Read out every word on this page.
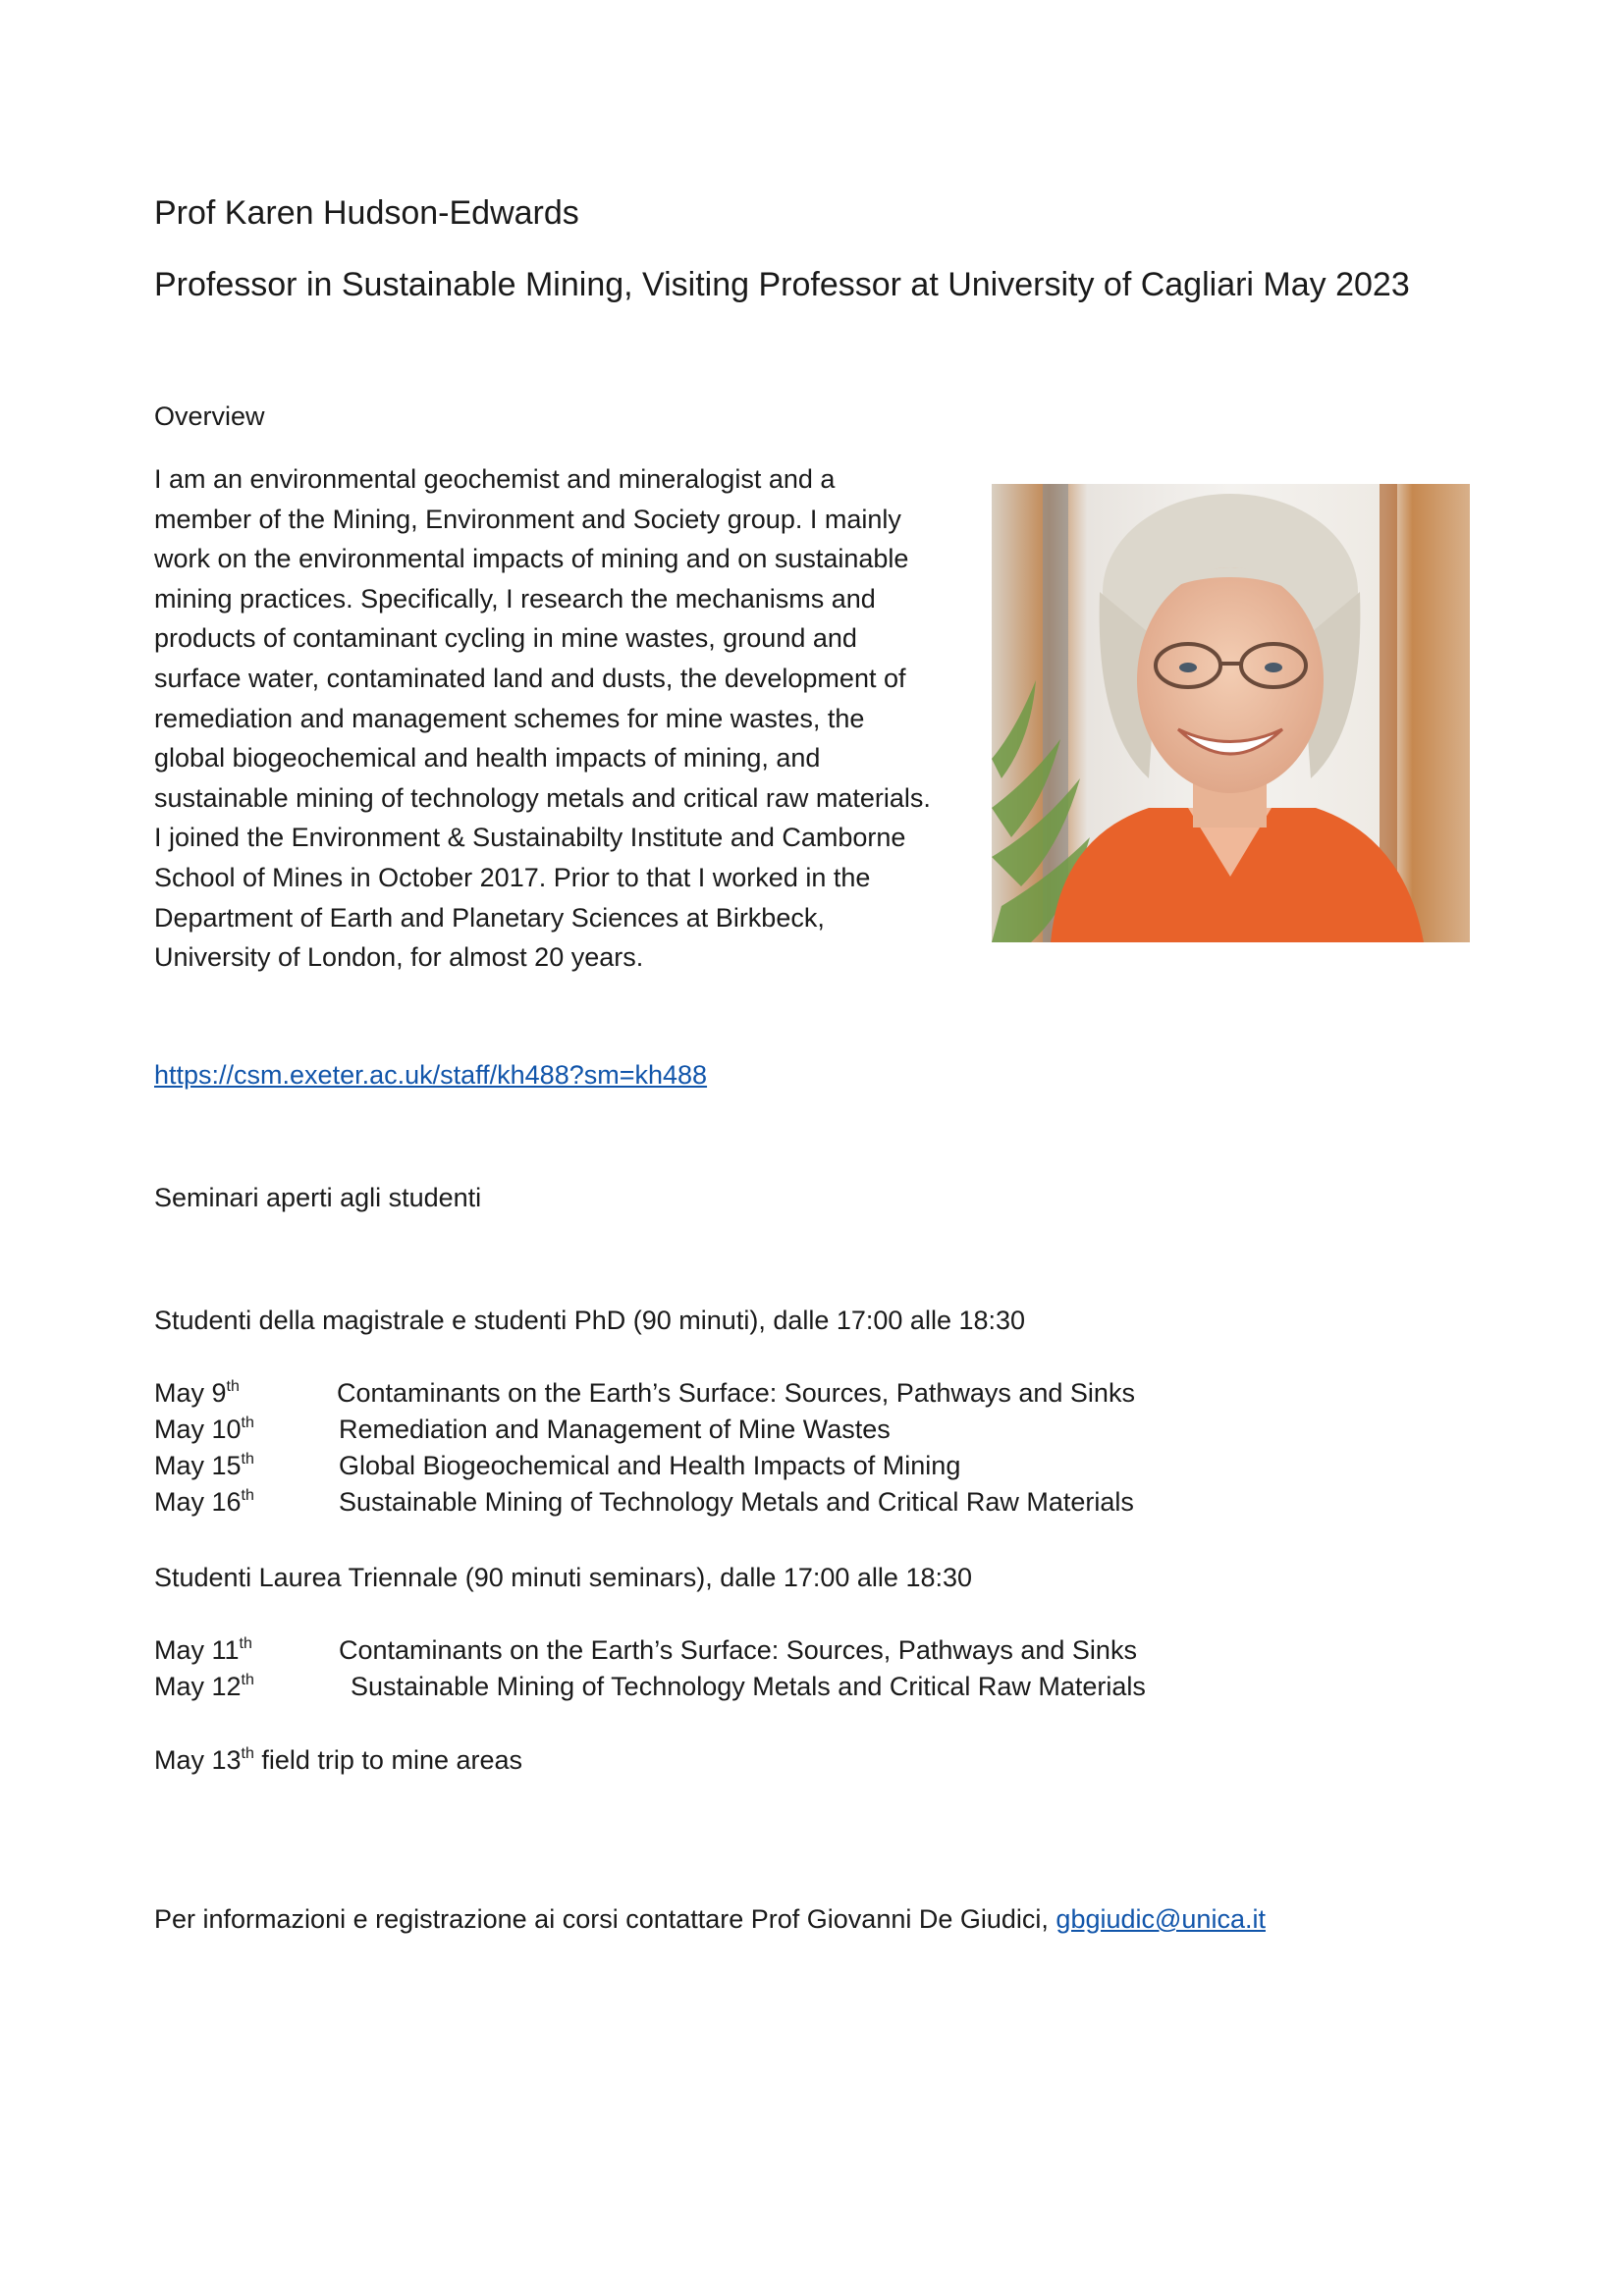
Prof Karen Hudson-Edwards
Professor in Sustainable Mining, Visiting Professor at University of Cagliari May 2023
Overview
I am an environmental geochemist and mineralogist and a
member of the Mining, Environment and Society group. I mainly
work on the environmental impacts of mining and on sustainable
mining practices. Specifically, I research the mechanisms and
products of contaminant cycling in mine wastes, ground and
surface water, contaminated land and dusts, the development of
remediation and management schemes for mine wastes, the
global biogeochemical and health impacts of mining, and
sustainable mining of technology metals and critical raw materials.
I joined the Environment & Sustainabilty Institute and Camborne
School of Mines in October 2017. Prior to that I worked in the
Department of Earth and Planetary Sciences at Birkbeck,
University of London, for almost 20 years.
https://csm.exeter.ac.uk/staff/kh488?sm=kh488
Seminari aperti agli studenti
Studenti della magistrale e studenti PhD (90 minuti), dalle 17:00 alle 18:30
May 9th	Contaminants on the Earth’s Surface: Sources, Pathways and Sinks
May 10th	Remediation and Management of Mine Wastes
May 15th	Global Biogeochemical and Health Impacts of Mining
May 16th	Sustainable Mining of Technology Metals and Critical Raw Materials
Studenti Laurea Triennale (90 minuti seminars), dalle 17:00 alle 18:30
May 11th	Contaminants on the Earth’s Surface: Sources, Pathways and Sinks
May 12th	Sustainable Mining of Technology Metals and Critical Raw Materials
May 13th field trip to mine areas
Per informazioni e registrazione ai corsi contattare Prof Giovanni De Giudici, gbgiudic@unica.it
